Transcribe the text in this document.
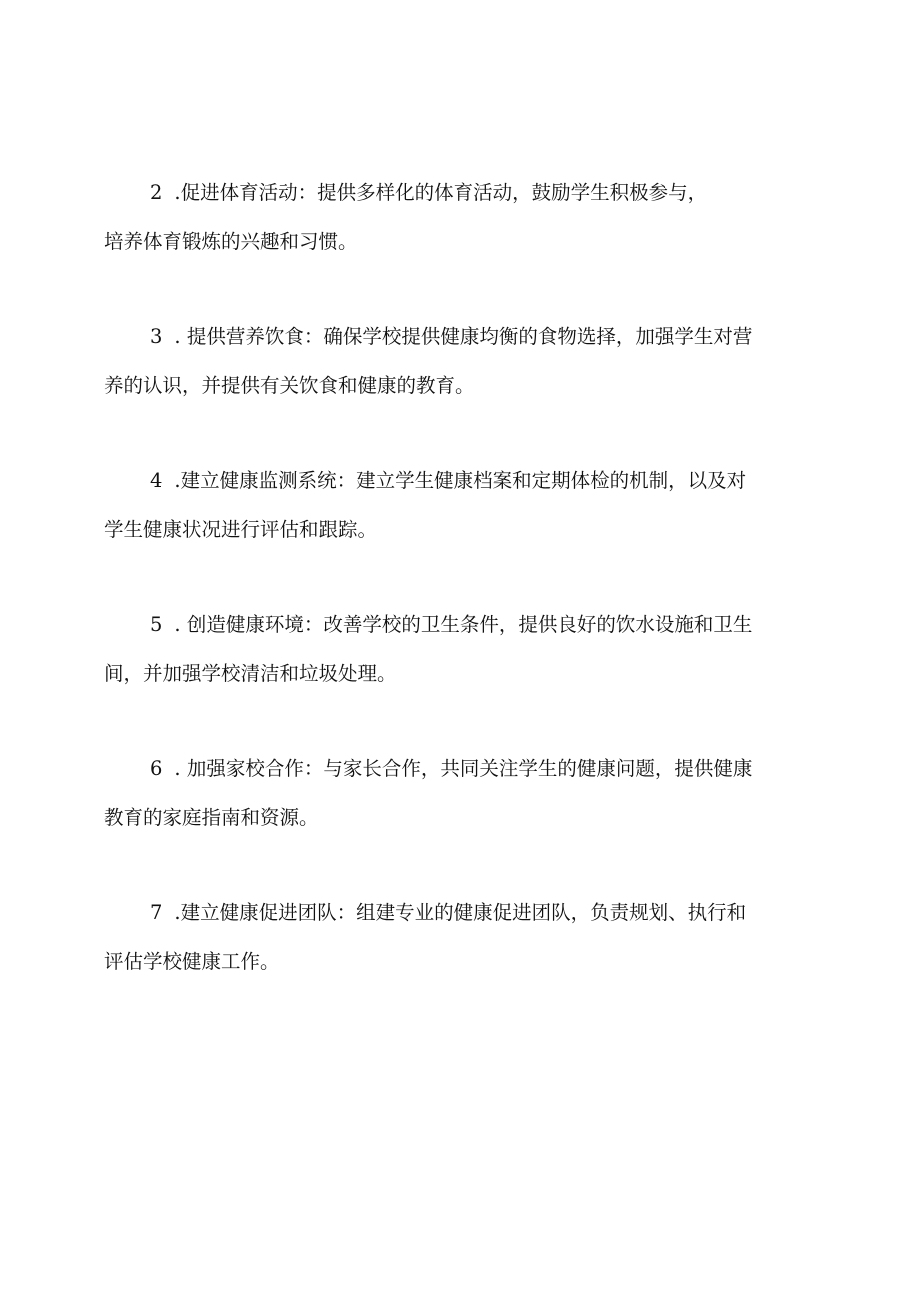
2 .促进体育活动：提供多样化的体育活动，鼓励学生积极参与，
培养体育锻炼的兴趣和习惯。
3 . 提供营养饮食：确保学校提供健康均衡的食物选择，加强学生对营
养的认识，并提供有关饮食和健康的教育。
4 .建立健康监测系统：建立学生健康档案和定期体检的机制，以及对
学生健康状况进行评估和跟踪。
5 . 创造健康环境：改善学校的卫生条件，提供良好的饮水设施和卫生
间，并加强学校清洁和垃圾处理。
6 . 加强家校合作：与家长合作，共同关注学生的健康问题，提供健康
教育的家庭指南和资源。
7 .建立健康促进团队：组建专业的健康促进团队，负责规划、执行和
评估学校健康工作。
